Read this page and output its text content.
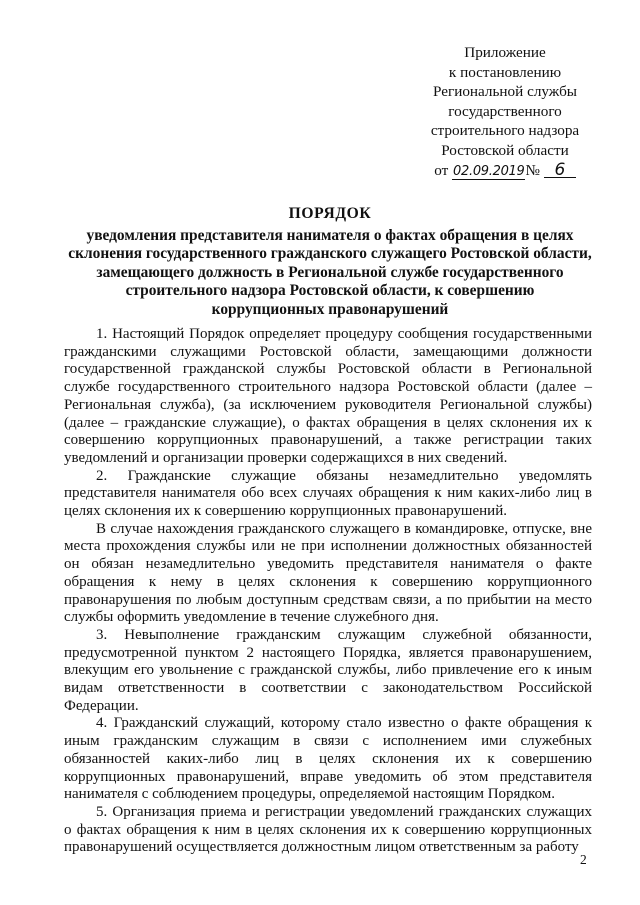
Приложение
к постановлению
Региональной службы
государственного
строительного надзора
Ростовской области
от 02.09.2019№ 6
ПОРЯДОК
уведомления представителя нанимателя о фактах обращения в целях
склонения государственного гражданского служащего Ростовской области,
замещающего должность в Региональной службе государственного
строительного надзора Ростовской области, к совершению
коррупционных правонарушений

1. Настоящий Порядок определяет процедуру сообщения государственными гражданскими служащими Ростовской области, замещающими должности государственной гражданской службы Ростовской области в Региональной службе государственного строительного надзора Ростовской области (далее – Региональная служба), (за исключением руководителя Региональной службы) (далее – гражданские служащие), о фактах обращения в целях склонения их к совершению коррупционных правонарушений, а также регистрации таких уведомлений и организации проверки содержащихся в них сведений.

2. Гражданские служащие обязаны незамедлительно уведомлять представителя нанимателя обо всех случаях обращения к ним каких-либо лиц в целях склонения их к совершению коррупционных правонарушений.

В случае нахождения гражданского служащего в командировке, отпуске, вне места прохождения службы или не при исполнении должностных обязанностей он обязан незамедлительно уведомить представителя нанимателя о факте обращения к нему в целях склонения к совершению коррупционного правонарушения по любым доступным средствам связи, а по прибытии на место службы оформить уведомление в течение служебного дня.

3. Невыполнение гражданским служащим служебной обязанности, предусмотренной пунктом 2 настоящего Порядка, является правонарушением, влекущим его увольнение с гражданской службы, либо привлечение его к иным видам ответственности в соответствии с законодательством Российской Федерации.

4. Гражданский служащий, которому стало известно о факте обращения к иным гражданским служащим в связи с исполнением ими служебных обязанностей каких-либо лиц в целях склонения их к совершению коррупционных правонарушений, вправе уведомить об этом представителя нанимателя с соблюдением процедуры, определяемой настоящим Порядком.

5. Организация приема и регистрации уведомлений гражданских служащих о фактах обращения к ним в целях склонения их к совершению коррупционных правонарушений осуществляется должностным лицом ответственным за работу

2
